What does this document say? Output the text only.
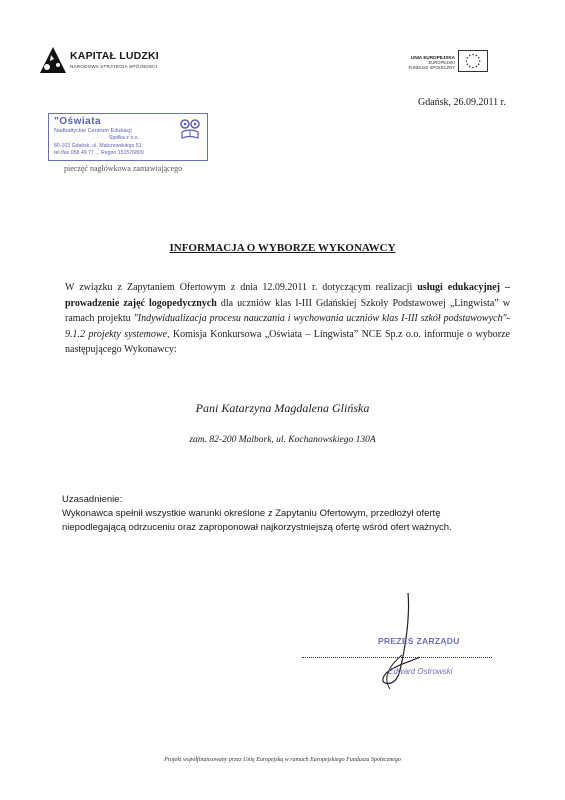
KAPITAŁ LUDZKI
NARODOWA STRATEGIA SPÓJNOŚCI
UNIA EUROPEJSKA
EUROPEJSKI
FUNDUSZ SPOŁECZNY
Gdańsk, 26.09.2011 r.
"Oświata
Nadbałtyckie Centrum Edukacji
Spółka z o.o.
80-103 Gdańsk, ul. Małczewskiego 51
tel./fax 058 49 77 ... Regon 151576809
pieczęć nagłówkowa zamawiającego
INFORMACJA O WYBORZE WYKONAWCY
W związku z Zapytaniem Ofertowym z dnia 12.09.2011 r. dotyczącym realizacji usługi edukacyjnej – prowadzenie zajęć logopedycznych dla uczniów klas I-III Gdańskiej Szkoły Podstawowej „Lingwista” w ramach projektu "Indywidualizacja procesu nauczania i wychowania uczniów klas I-III szkół podstawowych"- 9.1.2 projekty systemowe, Komisja Konkursowa „Oświata – Lingwista” NCE Sp.z o.o. informuje o wyborze następującego Wykonawcy:
Pani Katarzyna Magdalena Glińska
zam. 82-200 Malbork, ul. Kochanowskiego 130A
Uzasadnienie:
Wykonawca spełnił wszystkie warunki określone z Zapytaniu Ofertowym, przedłożył ofertę niepodlegającą odrzuceniu oraz zaproponował najkorzystniejszą ofertę wśród ofert ważnych.
PREZES ZARZĄDU
Edward Ostrowski
Projekt współfinansowany przez Unię Europejską w ramach Europejskiego Funduszu Społecznego
